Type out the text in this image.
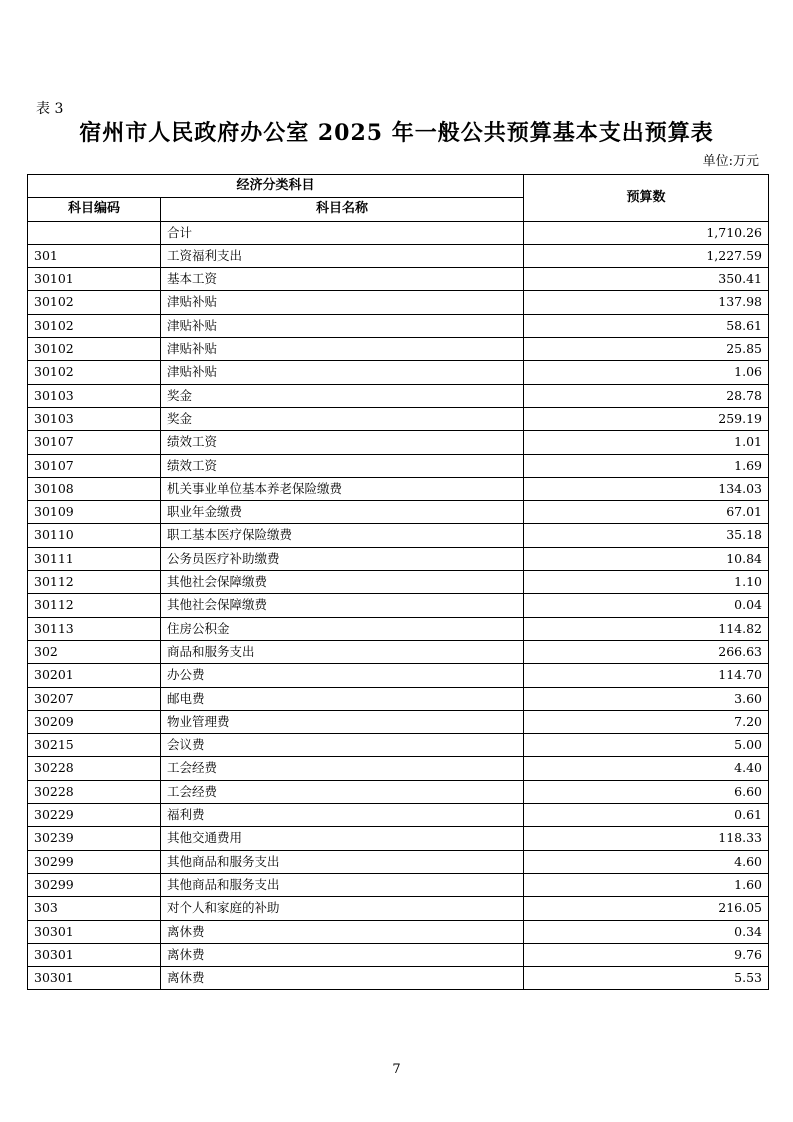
表 3
宿州市人民政府办公室 2025 年一般公共预算基本支出预算表
单位:万元
经济分类科目		预算数
科目编码	科目名称	
	合计	1,710.26
301	工资福利支出	1,227.59
30101	基本工资	350.41
30102	津贴补贴	137.98
30102	津贴补贴	58.61
30102	津贴补贴	25.85
30102	津贴补贴	1.06
30103	奖金	28.78
30103	奖金	259.19
30107	绩效工资	1.01
30107	绩效工资	1.69
30108	机关事业单位基本养老保险缴费	134.03
30109	职业年金缴费	67.01
30110	职工基本医疗保险缴费	35.18
30111	公务员医疗补助缴费	10.84
30112	其他社会保障缴费	1.10
30112	其他社会保障缴费	0.04
30113	住房公积金	114.82
302	商品和服务支出	266.63
30201	办公费	114.70
30207	邮电费	3.60
30209	物业管理费	7.20
30215	会议费	5.00
30228	工会经费	4.40
30228	工会经费	6.60
30229	福利费	0.61
30239	其他交通费用	118.33
30299	其他商品和服务支出	4.60
30299	其他商品和服务支出	1.60
303	对个人和家庭的补助	216.05
30301	离休费	0.34
30301	离休费	9.76
30301	离休费	5.53
7
